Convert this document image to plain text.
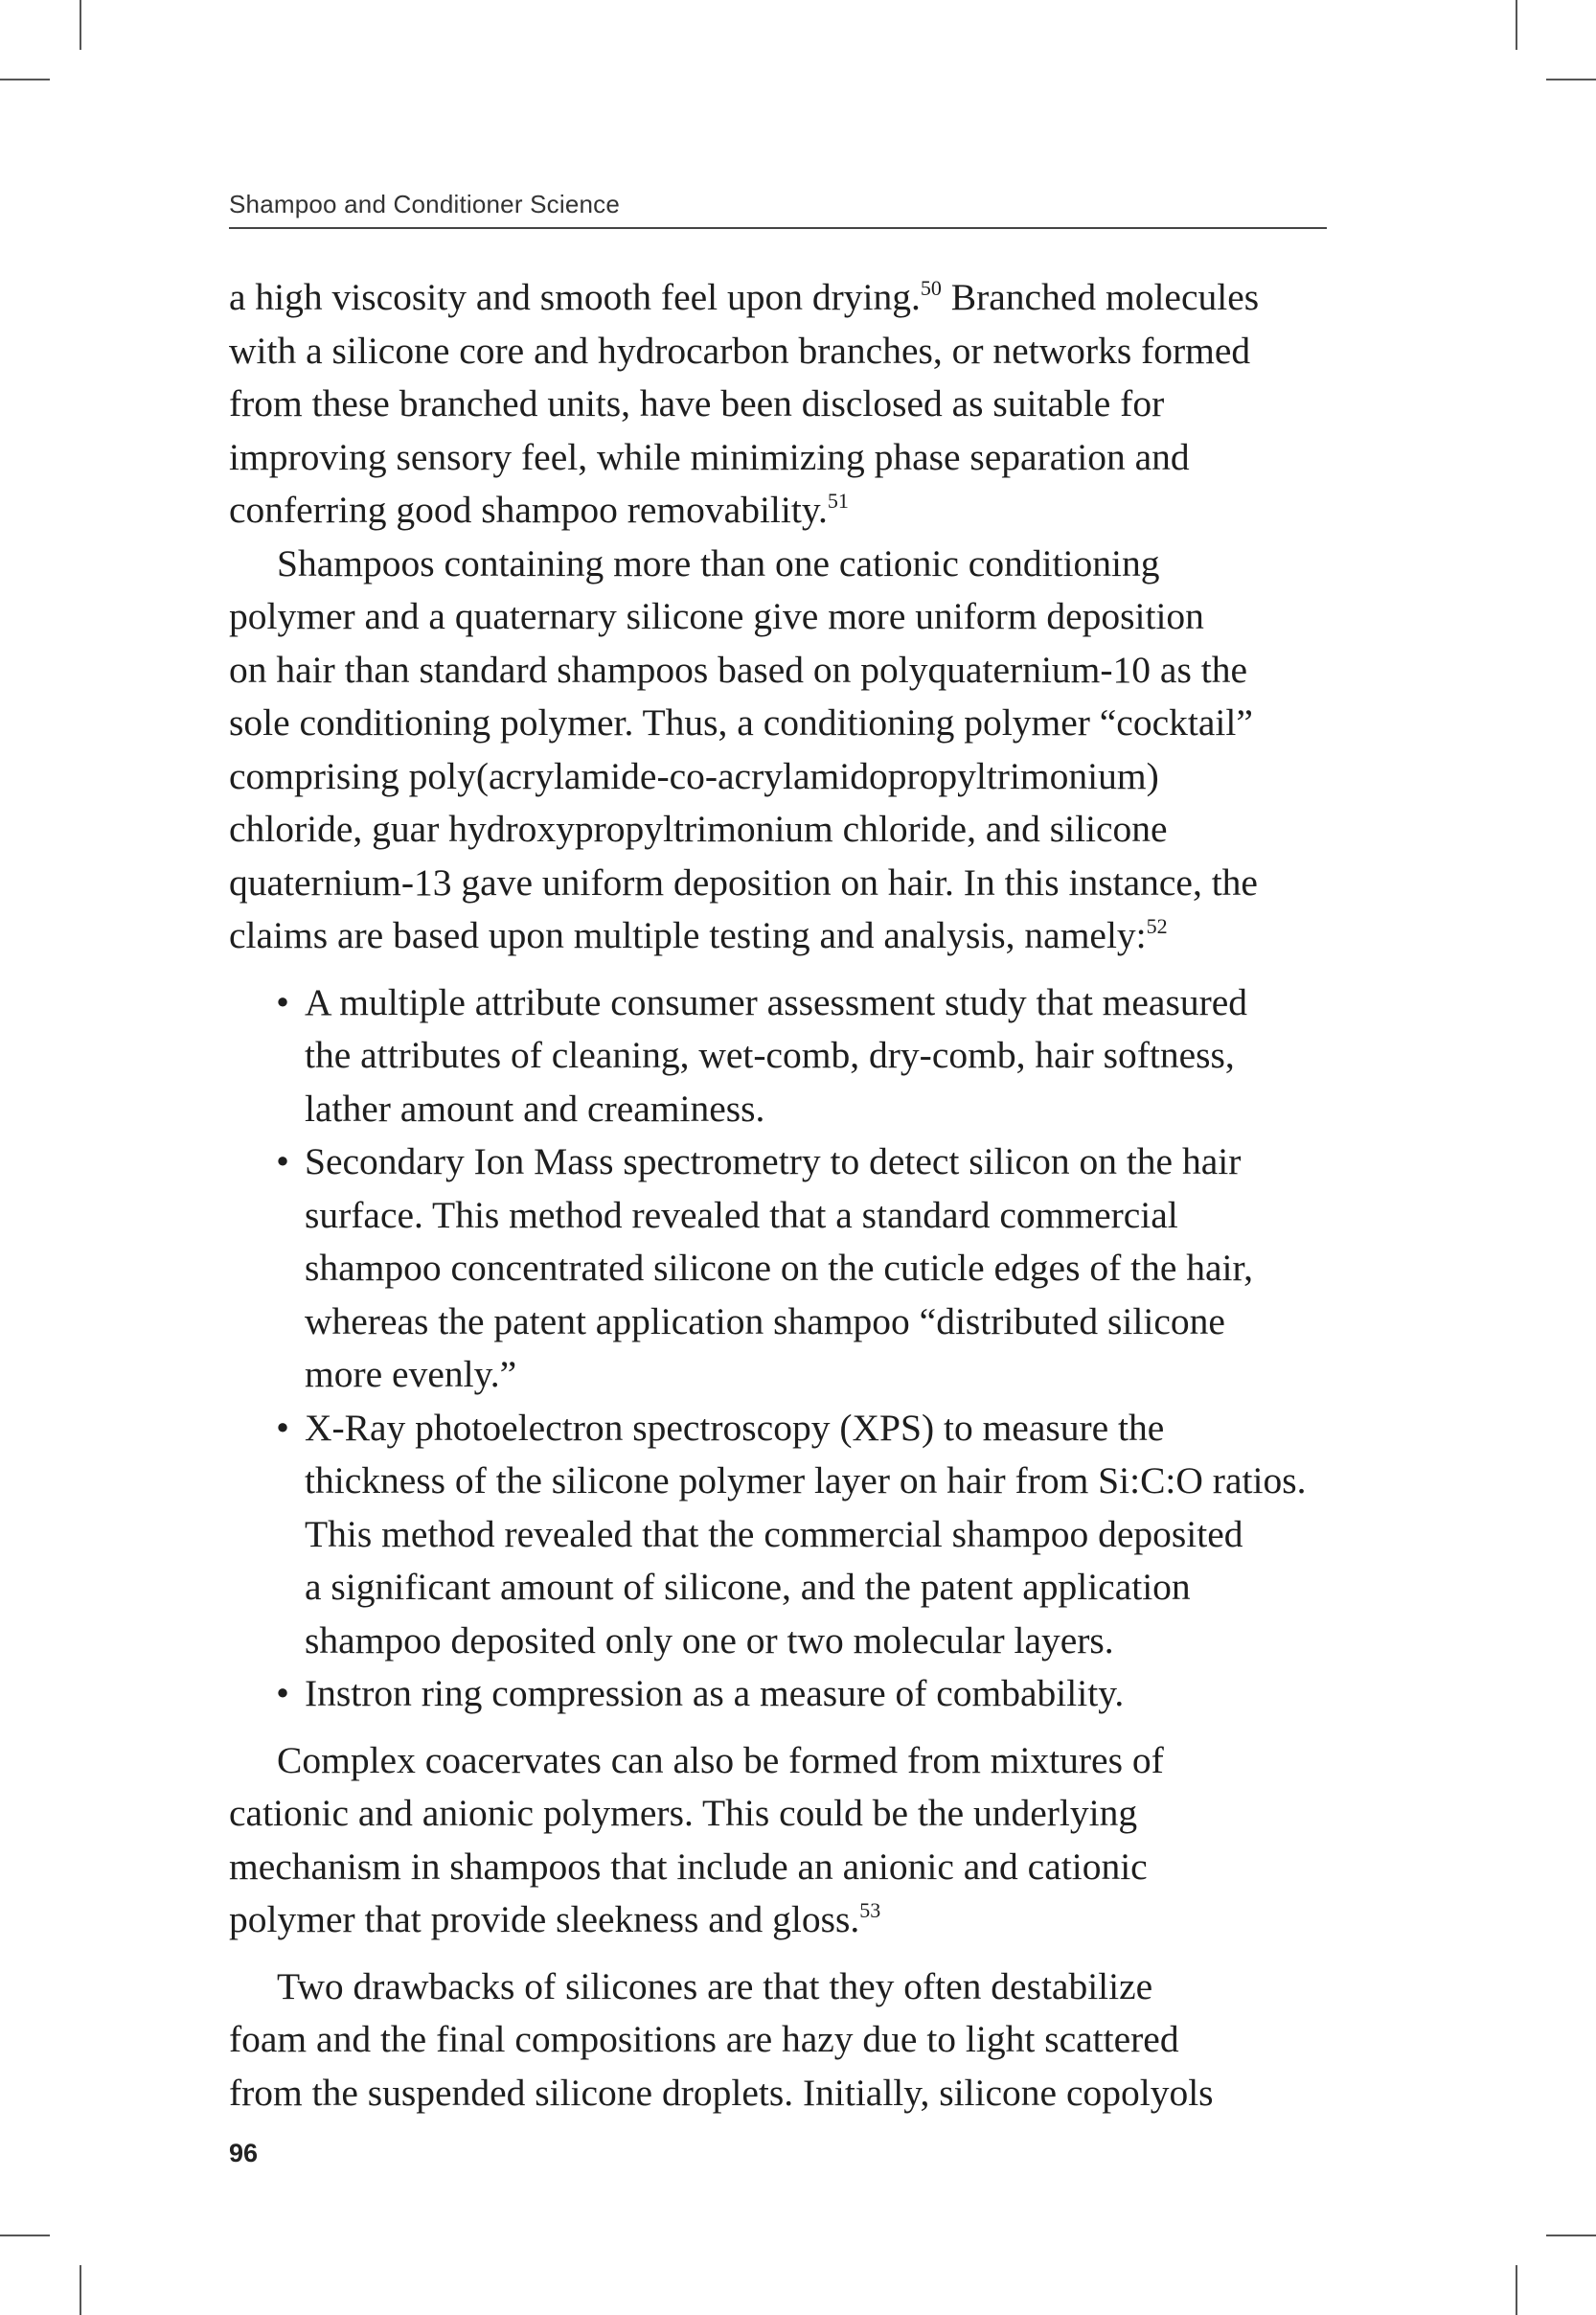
Shampoo and Conditioner Science
a high viscosity and smooth feel upon drying.$^{50}$ Branched molecules
with a silicone core and hydrocarbon branches, or networks formed
from these branched units, have been disclosed as suitable for
improving sensory feel, while minimizing phase separation and
conferring good shampoo removability.$^{51}$
Shampoos containing more than one cationic conditioning
polymer and a quaternary silicone give more uniform deposition
on hair than standard shampoos based on polyquaternium-10 as the
sole conditioning polymer. Thus, a conditioning polymer “cocktail”
comprising poly(acrylamide-co-acrylamidopropyltrimonium)
chloride, guar hydroxypropyltrimonium chloride, and silicone
quaternium-13 gave uniform deposition on hair. In this instance, the
claims are based upon multiple testing and analysis, namely:$^{52}$
• A multiple attribute consumer assessment study that measured
the attributes of cleaning, wet-comb, dry-comb, hair softness,
lather amount and creaminess.
• Secondary Ion Mass spectrometry to detect silicon on the hair
surface. This method revealed that a standard commercial
shampoo concentrated silicone on the cuticle edges of the hair,
whereas the patent application shampoo “distributed silicone
more evenly.”
• X-Ray photoelectron spectroscopy (XPS) to measure the
thickness of the silicone polymer layer on hair from Si:C:O ratios.
This method revealed that the commercial shampoo deposited
a significant amount of silicone, and the patent application
shampoo deposited only one or two molecular layers.
• Instron ring compression as a measure of combability.
Complex coacervates can also be formed from mixtures of
cationic and anionic polymers. This could be the underlying
mechanism in shampoos that include an anionic and cationic
polymer that provide sleekness and gloss.$^{53}$
Two drawbacks of silicones are that they often destabilize
foam and the final compositions are hazy due to light scattered
from the suspended silicone droplets. Initially, silicone copolyols
96
